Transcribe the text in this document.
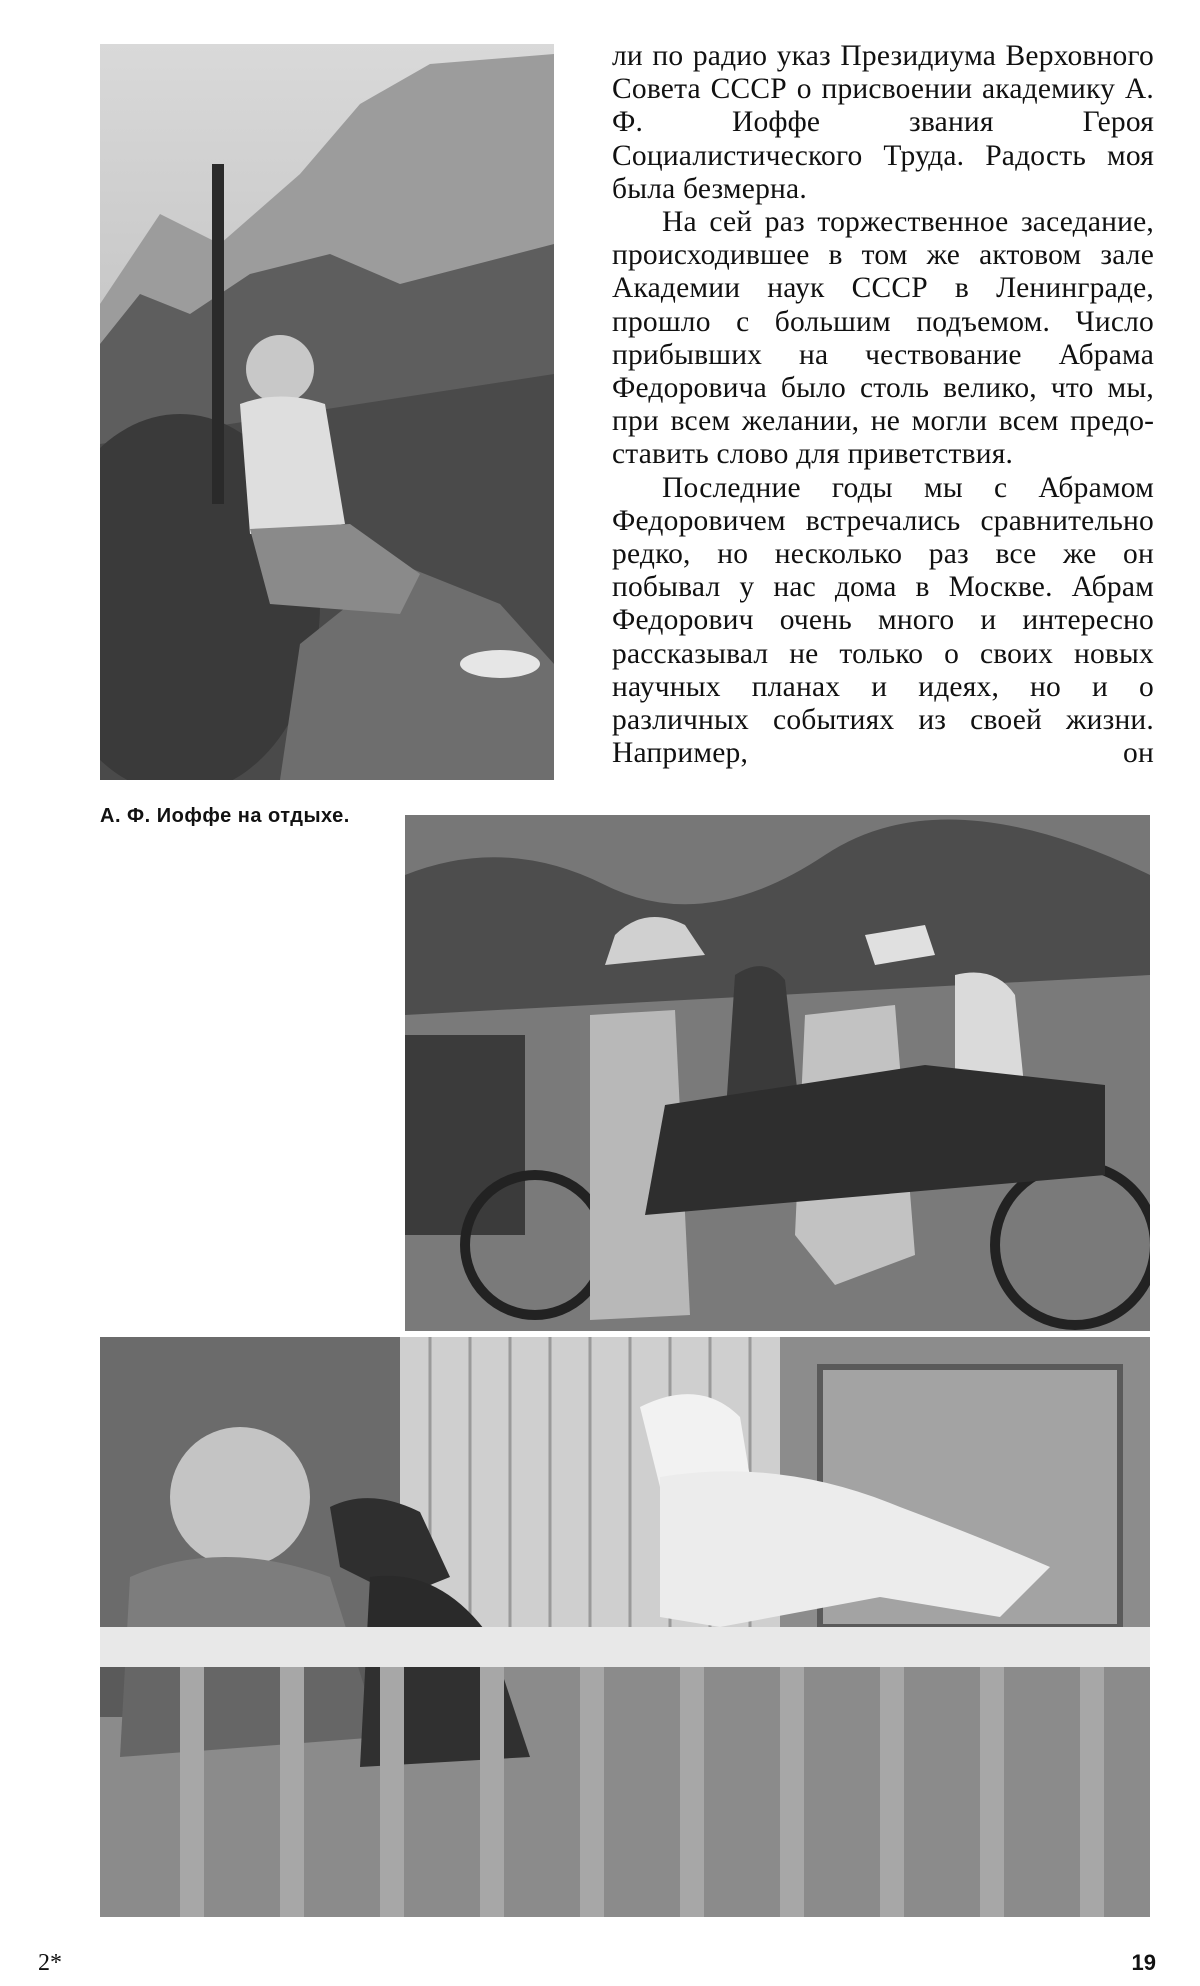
ли по радио указ Президиума Верховного Совета СССР о присвоении академику А. Ф. Иоффе звания Героя Социалистического Труда. Радость моя была безмерна.

На сей раз торжественное заседание, происходившее в том же актовом зале Академии наук СССР в Ленинграде, прошло с большим подъемом. Число прибывших на чествование Абрама Федоровича было столь велико, что мы, при всем желании, не могли всем предоставить слово для приветствия.

Последние годы мы с Абрамом Федоровичем встречались сравнительно редко, но несколько раз все же он побывал у нас дома в Москве. Абрам Федорович очень много и интересно рассказывал не только о своих новых научных планах и идеях, но и о различных событиях из своей жизни. Например, он

А. Ф. Иоффе на отдыхе.
2*	19
